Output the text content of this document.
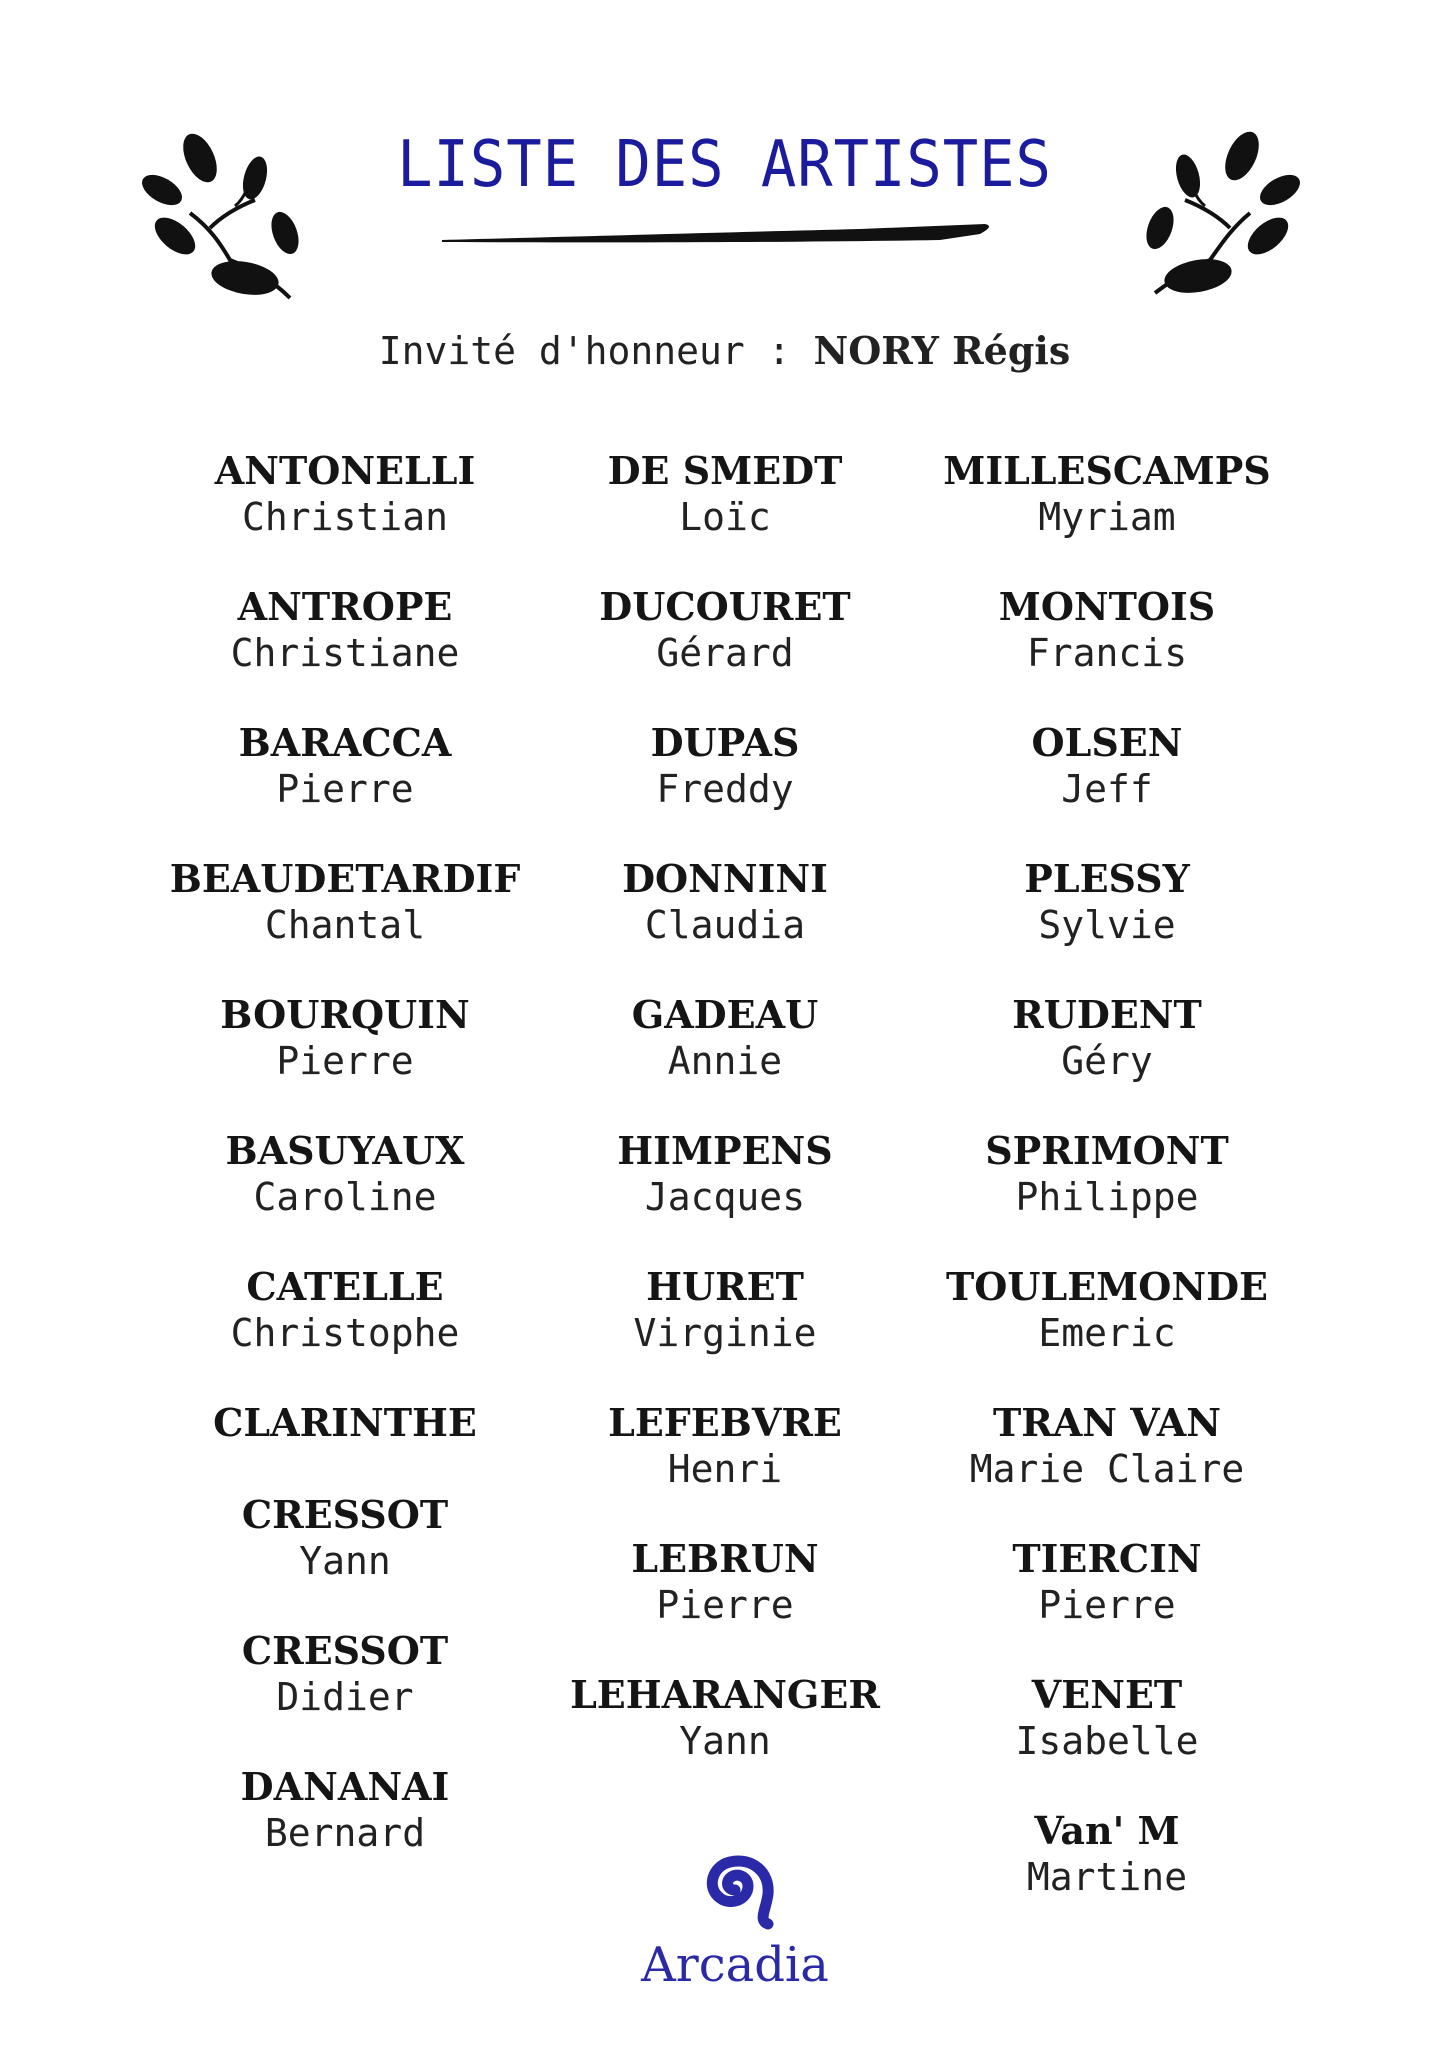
LISTE DES ARTISTES
Invité d'honneur : NORY Régis
ANTONELLI
Christian
ANTROPE
Christiane
BARACCA
Pierre
BEAUDETARDIF
Chantal
BOURQUIN
Pierre
BASUYAUX
Caroline
CATELLE
Christophe
CLARINTHE
CRESSOT
Yann
CRESSOT
Didier
DANANAI
Bernard
DE SMEDT
Loïc
DUCOURET
Gérard
DUPAS
Freddy
DONNINI
Claudia
GADEAU
Annie
HIMPENS
Jacques
HURET
Virginie
LEFEBVRE
Henri
LEBRUN
Pierre
LEHARANGER
Yann
MILLESCAMPS
Myriam
MONTOIS
Francis
OLSEN
Jeff
PLESSY
Sylvie
RUDENT
Géry
SPRIMONT
Philippe
TOULEMONDE
Emeric
TRAN VAN
Marie Claire
TIERCIN
Pierre
VENET
Isabelle
Van' M
Martine
Arcadia
